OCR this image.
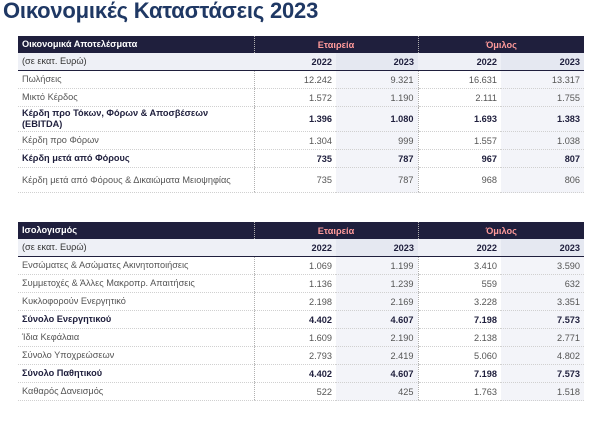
Οικονομικές Καταστάσεις 2023
Οικονομικά Αποτελέσματα	Εταιρεία		Όμιλος	
(σε εκατ. Ευρώ)	2022	2023	2022	2023
Πωλήσεις	12.242	9.321	16.631	13.317
Μικτό Κέρδος	1.572	1.190	2.111	1.755
Κέρδη προ Τόκων, Φόρων & Αποσβέσεων (EBITDA)	1.396	1.080	1.693	1.383
Κέρδη προ Φόρων	1.304	999	1.557	1.038
Κέρδη μετά από Φόρους	735	787	967	807
Κέρδη μετά από Φόρους & Δικαιώματα Μειοψηφίας	735	787	968	806
Ισολογισμός	Εταιρεία		Όμιλος	
(σε εκατ. Ευρώ)	2022	2023	2022	2023
Ενσώματες & Ασώματες Ακινητοποιήσεις	1.069	1.199	3.410	3.590
Συμμετοχές & Άλλες Μακροπρ. Απαιτήσεις	1.136	1.239	559	632
Κυκλοφορούν Ενεργητικό	2.198	2.169	3.228	3.351
Σύνολο Ενεργητικού	4.402	4.607	7.198	7.573
Ίδια Κεφάλαια	1.609	2.190	2.138	2.771
Σύνολο Υποχρεώσεων	2.793	2.419	5.060	4.802
Σύνολο Παθητικού	4.402	4.607	7.198	7.573
Καθαρός Δανεισμός	522	425	1.763	1.518
